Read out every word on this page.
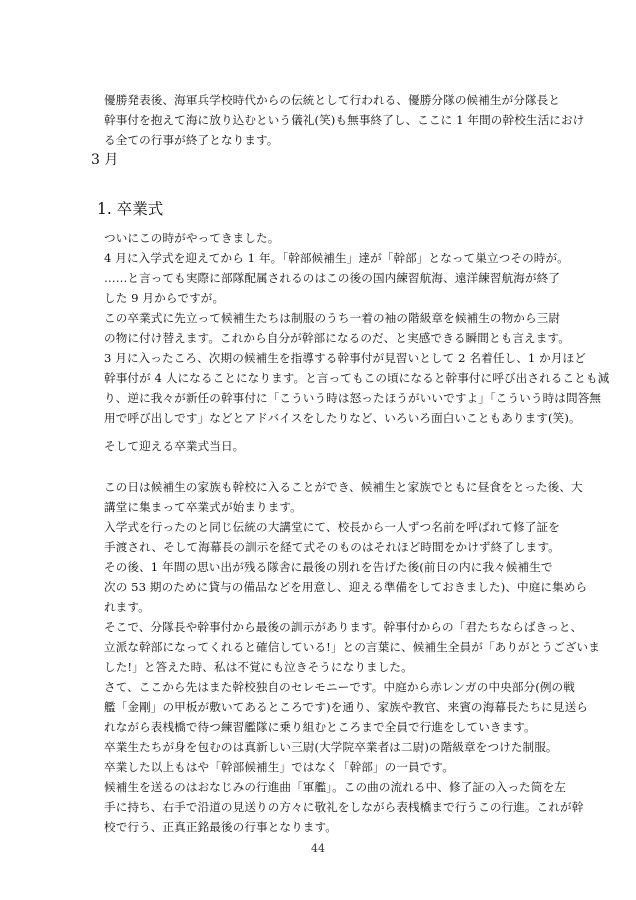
優勝発表後、海軍兵学校時代からの伝統として行われる、優勝分隊の候補生が分隊長と
幹事付を抱えて海に放り込むという儀礼(笑)も無事終了し、ここに 1 年間の幹校生活におけ
る全ての行事が終了となります。

3 月
1. 卒業式

ついにこの時がやってきました。

4 月に入学式を迎えてから 1 年。「幹部候補生」達が「幹部」となって巣立つその時が。

……と言っても実際に部隊配属されるのはこの後の国内練習航海、遠洋練習航海が終了
した 9 月からですが。

この卒業式に先立って候補生たちは制服のうち一着の袖の階級章を候補生の物から三尉
の物に付け替えます。これから自分が幹部になるのだ、と実感できる瞬間とも言えます。

3 月に入ったころ、次期の候補生を指導する幹事付が見習いとして 2 名着任し、1 か月ほど
幹事付が 4 人になることになります。と言ってもこの頃になると幹事付に呼び出されることも減
り、逆に我々が新任の幹事付に「こういう時は怒ったほうがいいですよ」「こういう時は問答無
用で呼び出しです」などとアドバイスをしたりなど、いろいろ面白いこともあります(笑)。

そして迎える卒業式当日。

この日は候補生の家族も幹校に入ることができ、候補生と家族でともに昼食をとった後、大
講堂に集まって卒業式が始まります。

入学式を行ったのと同じ伝統の大講堂にて、校長から一人ずつ名前を呼ばれて修了証を
手渡され、そして海幕長の訓示を経て式そのものはそれほど時間をかけず終了します。

その後、1 年間の思い出が残る隊舎に最後の別れを告げた後(前日の内に我々候補生で
次の 53 期のために貸与の備品などを用意し、迎える準備をしておきました)、中庭に集めら
れます。

そこで、分隊長や幹事付から最後の訓示があります。幹事付からの「君たちならばきっと、
立派な幹部になってくれると確信している!」との言葉に、候補生全員が「ありがとうございま
した!」と答えた時、私は不覚にも泣きそうになりました。

さて、ここから先はまた幹校独自のセレモニーです。中庭から赤レンガの中央部分(例の戦
艦「金剛」の甲板が敷いてあるところです)を通り、家族や教官、来賓の海幕長たちに見送ら
れながら表桟橋で待つ練習艦隊に乗り組むところまで全員で行進をしていきます。

卒業生たちが身を包むのは真新しい三尉(大学院卒業者は二尉)の階級章をつけた制服。
卒業した以上もはや「幹部候補生」ではなく「幹部」の一員です。

候補生を送るのはおなじみの行進曲「軍艦」。この曲の流れる中、修了証の入った筒を左
手に持ち、右手で沿道の見送りの方々に敬礼をしながら表桟橋まで行うこの行進。これが幹
校で行う、正真正銘最後の行事となります。

44
